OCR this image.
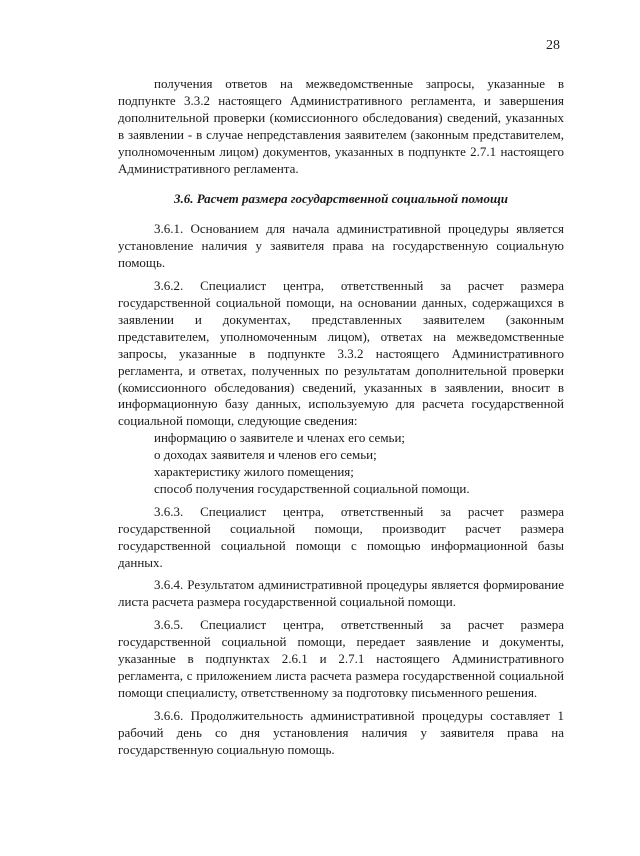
28

получения ответов на межведомственные запросы, указанные в подпункте 3.3.2 настоящего Административного регламента, и завершения дополнительной проверки (комиссионного обследования) сведений, указанных в заявлении - в случае непредставления заявителем (законным представителем, уполномоченным лицом) документов, указанных в подпункте 2.7.1 настоящего Административного регламента.

3.6. Расчет размера государственной социальной помощи

3.6.1. Основанием для начала административной процедуры является установление наличия у заявителя права на государственную социальную помощь.

3.6.2. Специалист центра, ответственный за расчет размера государственной социальной помощи, на основании данных, содержащихся в заявлении и документах, представленных заявителем (законным представителем, уполномоченным лицом), ответах на межведомственные запросы, указанные в подпункте 3.3.2 настоящего Административного регламента, и ответах, полученных по результатам дополнительной проверки (комиссионного обследования) сведений, указанных в заявлении, вносит в информационную базу данных, используемую для расчета государственной социальной помощи, следующие сведения:

информацию о заявителе и членах его семьи;

о доходах заявителя и членов его семьи;

характеристику жилого помещения;

способ получения государственной социальной помощи.

3.6.3. Специалист центра, ответственный за расчет размера государственной социальной помощи, производит расчет размера государственной социальной помощи с помощью информационной базы данных.

3.6.4. Результатом административной процедуры является формирование листа расчета размера государственной социальной помощи.

3.6.5. Специалист центра, ответственный за расчет размера государственной социальной помощи, передает заявление и документы, указанные в подпунктах 2.6.1 и 2.7.1 настоящего Административного регламента, с приложением листа расчета размера государственной социальной помощи специалисту, ответственному за подготовку письменного решения.

3.6.6. Продолжительность административной процедуры составляет 1 рабочий день со дня установления наличия у заявителя права на государственную социальную помощь.
